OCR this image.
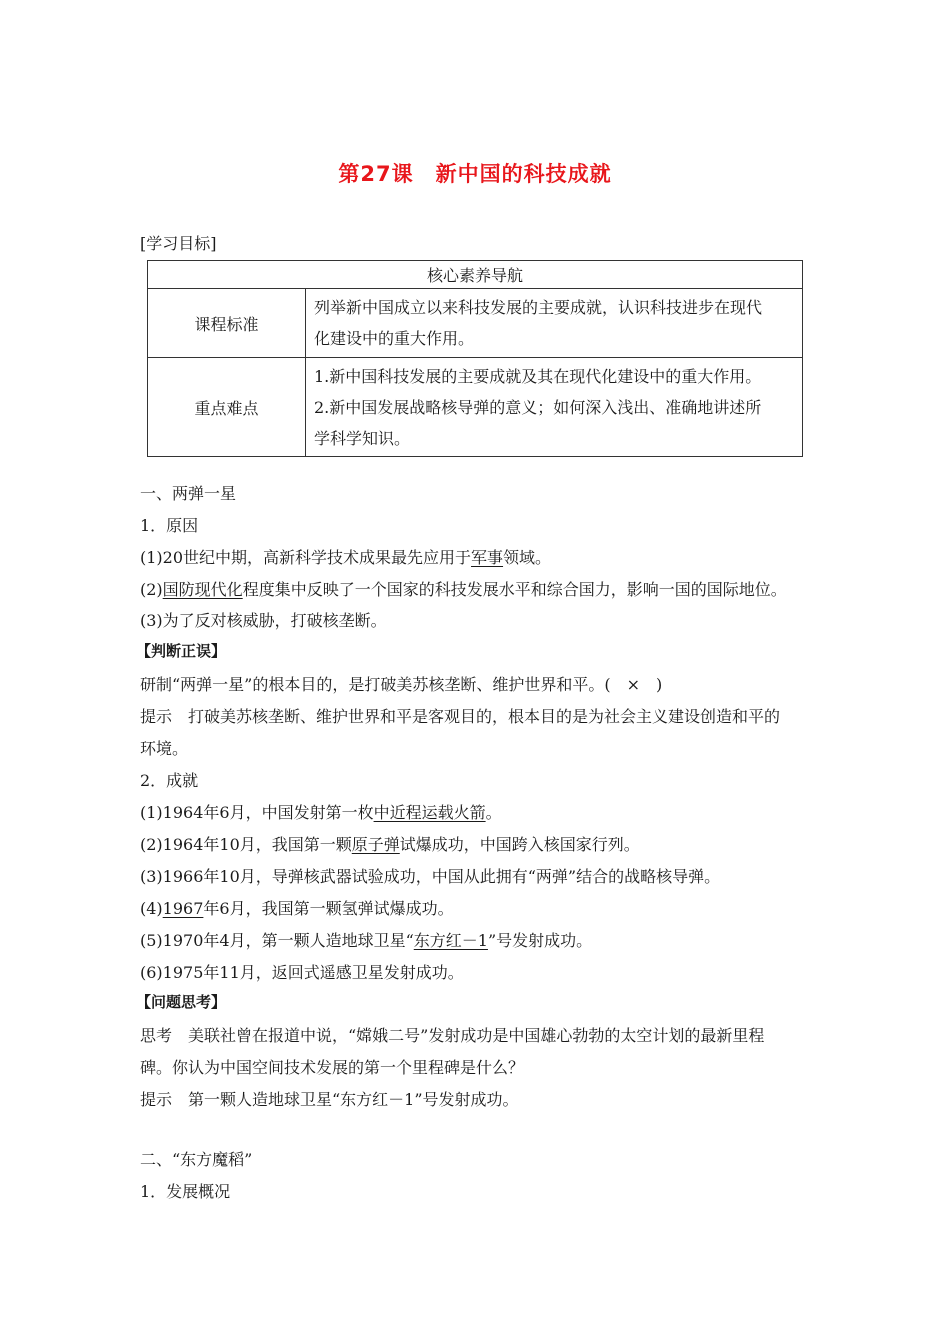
第27课 新中国的科技成就
[学习目标]
核心素养导航	
课程标准	列举新中国成立以来科技发展的主要成就，认识科技进步在现代
化建设中的重大作用。

重点难点	1.新中国科技发展的主要成就及其在现代化建设中的重大作用。
2.新中国发展战略核导弹的意义；如何深入浅出、准确地讲述所
学科学知识。
一、两弹一星
1．原因
(1)20世纪中期，高新科学技术成果最先应用于军事领域。
(2)国防现代化程度集中反映了一个国家的科技发展水平和综合国力，影响一国的国际地位。
(3)为了反对核威胁，打破核垄断。
【判断正误】
研制“两弹一星”的根本目的，是打破美苏核垄断、维护世界和平。(　×　)
提示　打破美苏核垄断、维护世界和平是客观目的，根本目的是为社会主义建设创造和平的
环境。
2．成就
(1)1964年6月，中国发射第一枚中近程运载火箭。
(2)1964年10月，我国第一颗原子弹试爆成功，中国跨入核国家行列。
(3)1966年10月，导弹核武器试验成功，中国从此拥有“两弹”结合的战略核导弹。
(4)1967年6月，我国第一颗氢弹试爆成功。
(5)1970年4月，第一颗人造地球卫星“东方红－1”号发射成功。
(6)1975年11月，返回式遥感卫星发射成功。
【问题思考】
思考　美联社曾在报道中说，“嫦娥二号”发射成功是中国雄心勃勃的太空计划的最新里程
碑。你认为中国空间技术发展的第一个里程碑是什么？
提示　第一颗人造地球卫星“东方红－1”号发射成功。
二、“东方魔稻”
1．发展概况
